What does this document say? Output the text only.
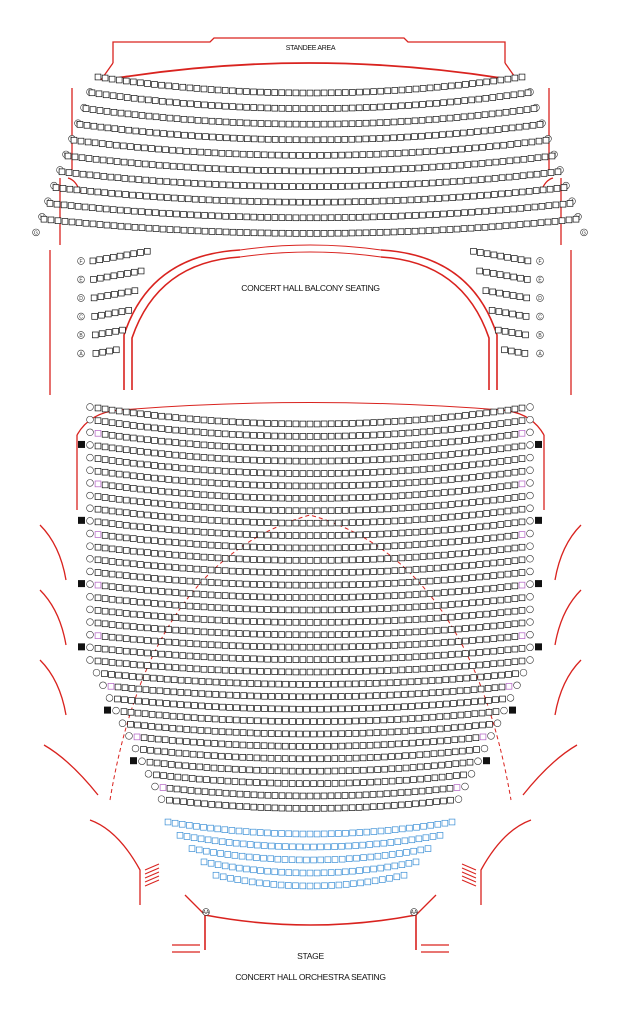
G	G
F	F
E	E
D	D
C	C
B	B
A	A
AA	AA
STANDEE AREA
CONCERT HALL BALCONY SEATING
STAGE
CONCERT HALL ORCHESTRA SEATING
